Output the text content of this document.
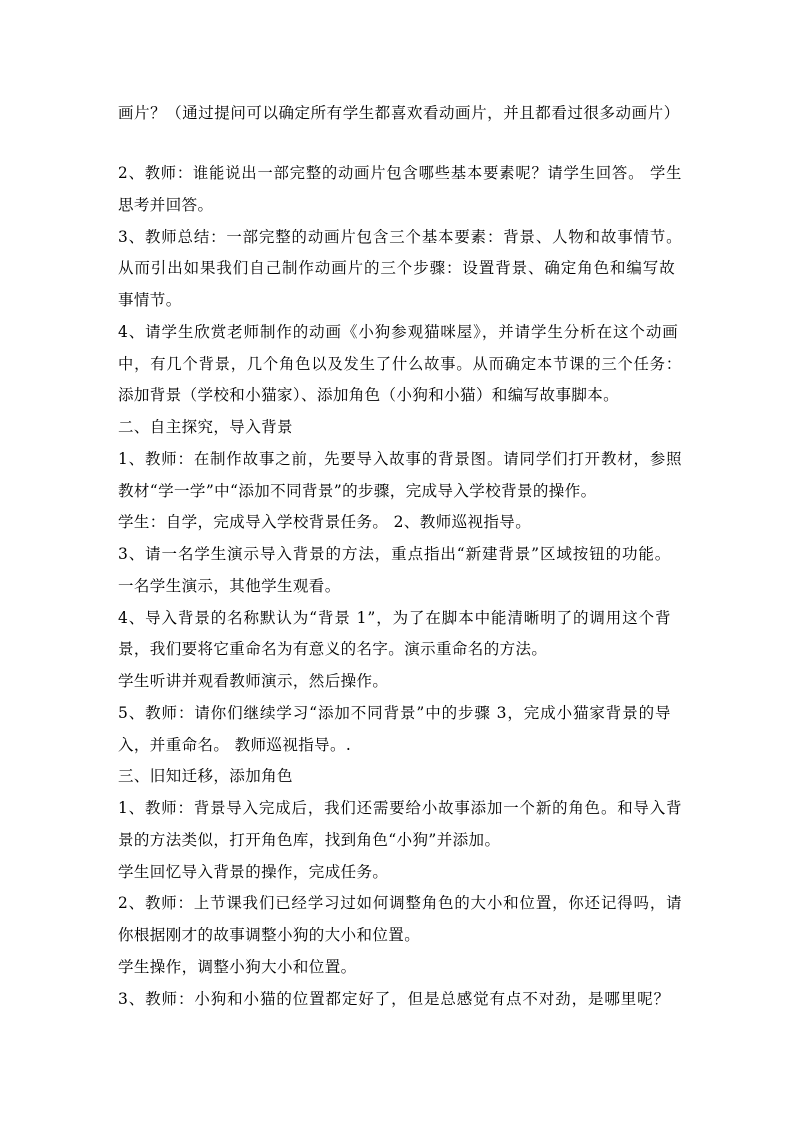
画片？（通过提问可以确定所有学生都喜欢看动画片，并且都看过很多动画片）
2、教师：谁能说出一部完整的动画片包含哪些基本要素呢？请学生回答。 学生
思考并回答。
3、教师总结：一部完整的动画片包含三个基本要素：背景、人物和故事情节。
从而引出如果我们自己制作动画片的三个步骤：设置背景、确定角色和编写故
事情节。
4、请学生欣赏老师制作的动画《小狗参观猫咪屋》，并请学生分析在这个动画
中，有几个背景，几个角色以及发生了什么故事。从而确定本节课的三个任务：
添加背景（学校和小猫家）、添加角色（小狗和小猫）和编写故事脚本。
二、自主探究，导入背景
1、教师：在制作故事之前，先要导入故事的背景图。请同学们打开教材，参照
教材“学一学”中“添加不同背景”的步骤，完成导入学校背景的操作。
学生：自学，完成导入学校背景任务。 2、教师巡视指导。
3、请一名学生演示导入背景的方法，重点指出“新建背景”区域按钮的功能。
一名学生演示，其他学生观看。
4、导入背景的名称默认为“背景 1”，为了在脚本中能清晰明了的调用这个背
景，我们要将它重命名为有意义的名字。演示重命名的方法。
学生听讲并观看教师演示，然后操作。
5、教师：请你们继续学习“添加不同背景”中的步骤 3，完成小猫家背景的导
入，并重命名。 教师巡视指导。.
三、旧知迁移，添加角色
1、教师：背景导入完成后，我们还需要给小故事添加一个新的角色。和导入背
景的方法类似，打开角色库，找到角色“小狗”并添加。
学生回忆导入背景的操作，完成任务。
2、教师：上节课我们已经学习过如何调整角色的大小和位置，你还记得吗，请
你根据刚才的故事调整小狗的大小和位置。
学生操作，调整小狗大小和位置。
3、教师：小狗和小猫的位置都定好了，但是总感觉有点不对劲，是哪里呢？
